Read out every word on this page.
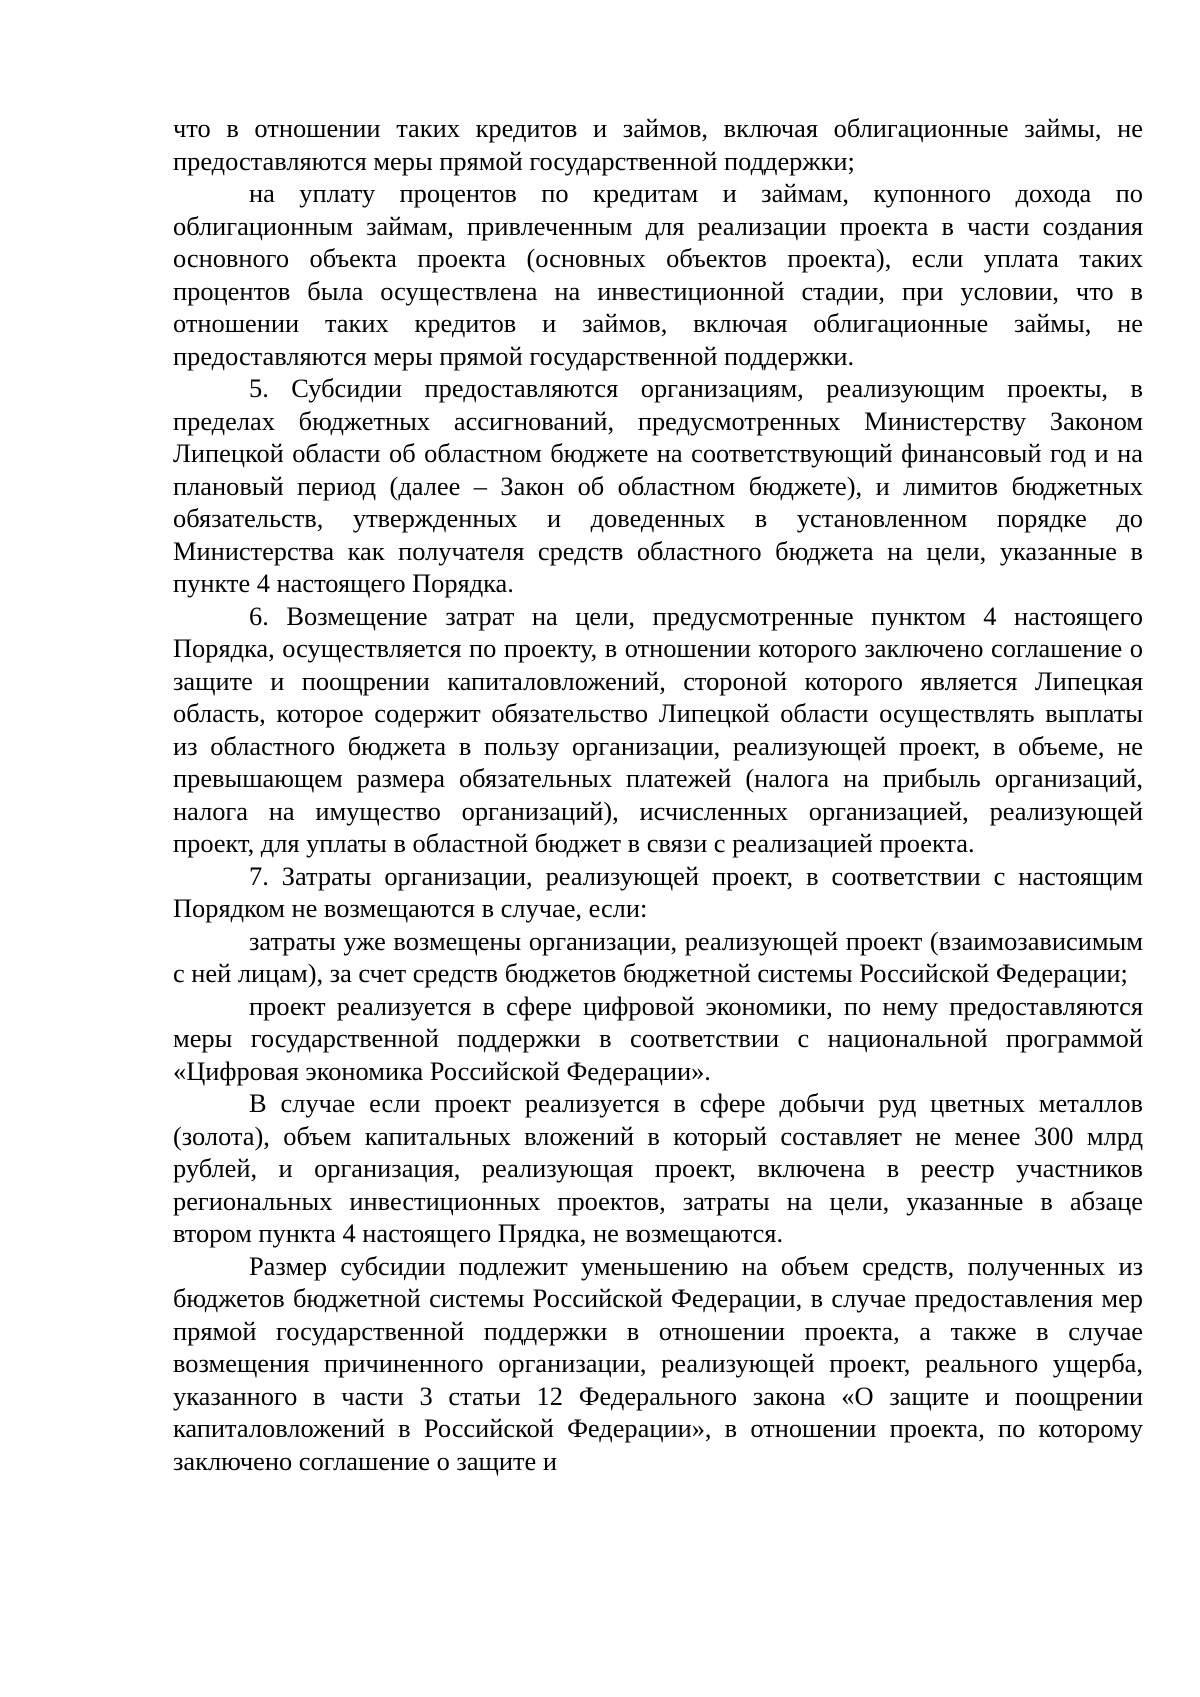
что в отношении таких кредитов и займов, включая облигационные займы, не предоставляются меры прямой государственной поддержки;

на уплату процентов по кредитам и займам, купонного дохода по облигационным займам, привлеченным для реализации проекта в части создания основного объекта проекта (основных объектов проекта), если уплата таких процентов была осуществлена на инвестиционной стадии, при условии, что в отношении таких кредитов и займов, включая облигационные займы, не предоставляются меры прямой государственной поддержки.

5. Субсидии предоставляются организациям, реализующим проекты, в пределах бюджетных ассигнований, предусмотренных Министерству Законом Липецкой области об областном бюджете на соответствующий финансовый год и на плановый период (далее – Закон об областном бюджете), и лимитов бюджетных обязательств, утвержденных и доведенных в установленном порядке до Министерства как получателя средств областного бюджета на цели, указанные в пункте 4 настоящего Порядка.

6. Возмещение затрат на цели, предусмотренные пунктом 4 настоящего Порядка, осуществляется по проекту, в отношении которого заключено соглашение о защите и поощрении капиталовложений, стороной которого является Липецкая область, которое содержит обязательство Липецкой области осуществлять выплаты из областного бюджета в пользу организации, реализующей проект, в объеме, не превышающем размера обязательных платежей (налога на прибыль организаций, налога на имущество организаций), исчисленных организацией, реализующей проект, для уплаты в областной бюджет в связи с реализацией проекта.

7. Затраты организации, реализующей проект, в соответствии с настоящим Порядком не возмещаются в случае, если:

затраты уже возмещены организации, реализующей проект (взаимозависимым с ней лицам), за счет средств бюджетов бюджетной системы Российской Федерации;

проект реализуется в сфере цифровой экономики, по нему предоставляются меры государственной поддержки в соответствии с национальной программой «Цифровая экономика Российской Федерации».

В случае если проект реализуется в сфере добычи руд цветных металлов (золота), объем капитальных вложений в который составляет не менее 300 млрд рублей, и организация, реализующая проект, включена в реестр участников региональных инвестиционных проектов, затраты на цели, указанные в абзаце втором пункта 4 настоящего Прядка, не возмещаются.

Размер субсидии подлежит уменьшению на объем средств, полученных из бюджетов бюджетной системы Российской Федерации, в случае предоставления мер прямой государственной поддержки в отношении проекта, а также в случае возмещения причиненного организации, реализующей проект, реального ущерба, указанного в части 3 статьи 12 Федерального закона «О защите и поощрении капиталовложений в Российской Федерации», в отношении проекта, по которому заключено соглашение о защите и
